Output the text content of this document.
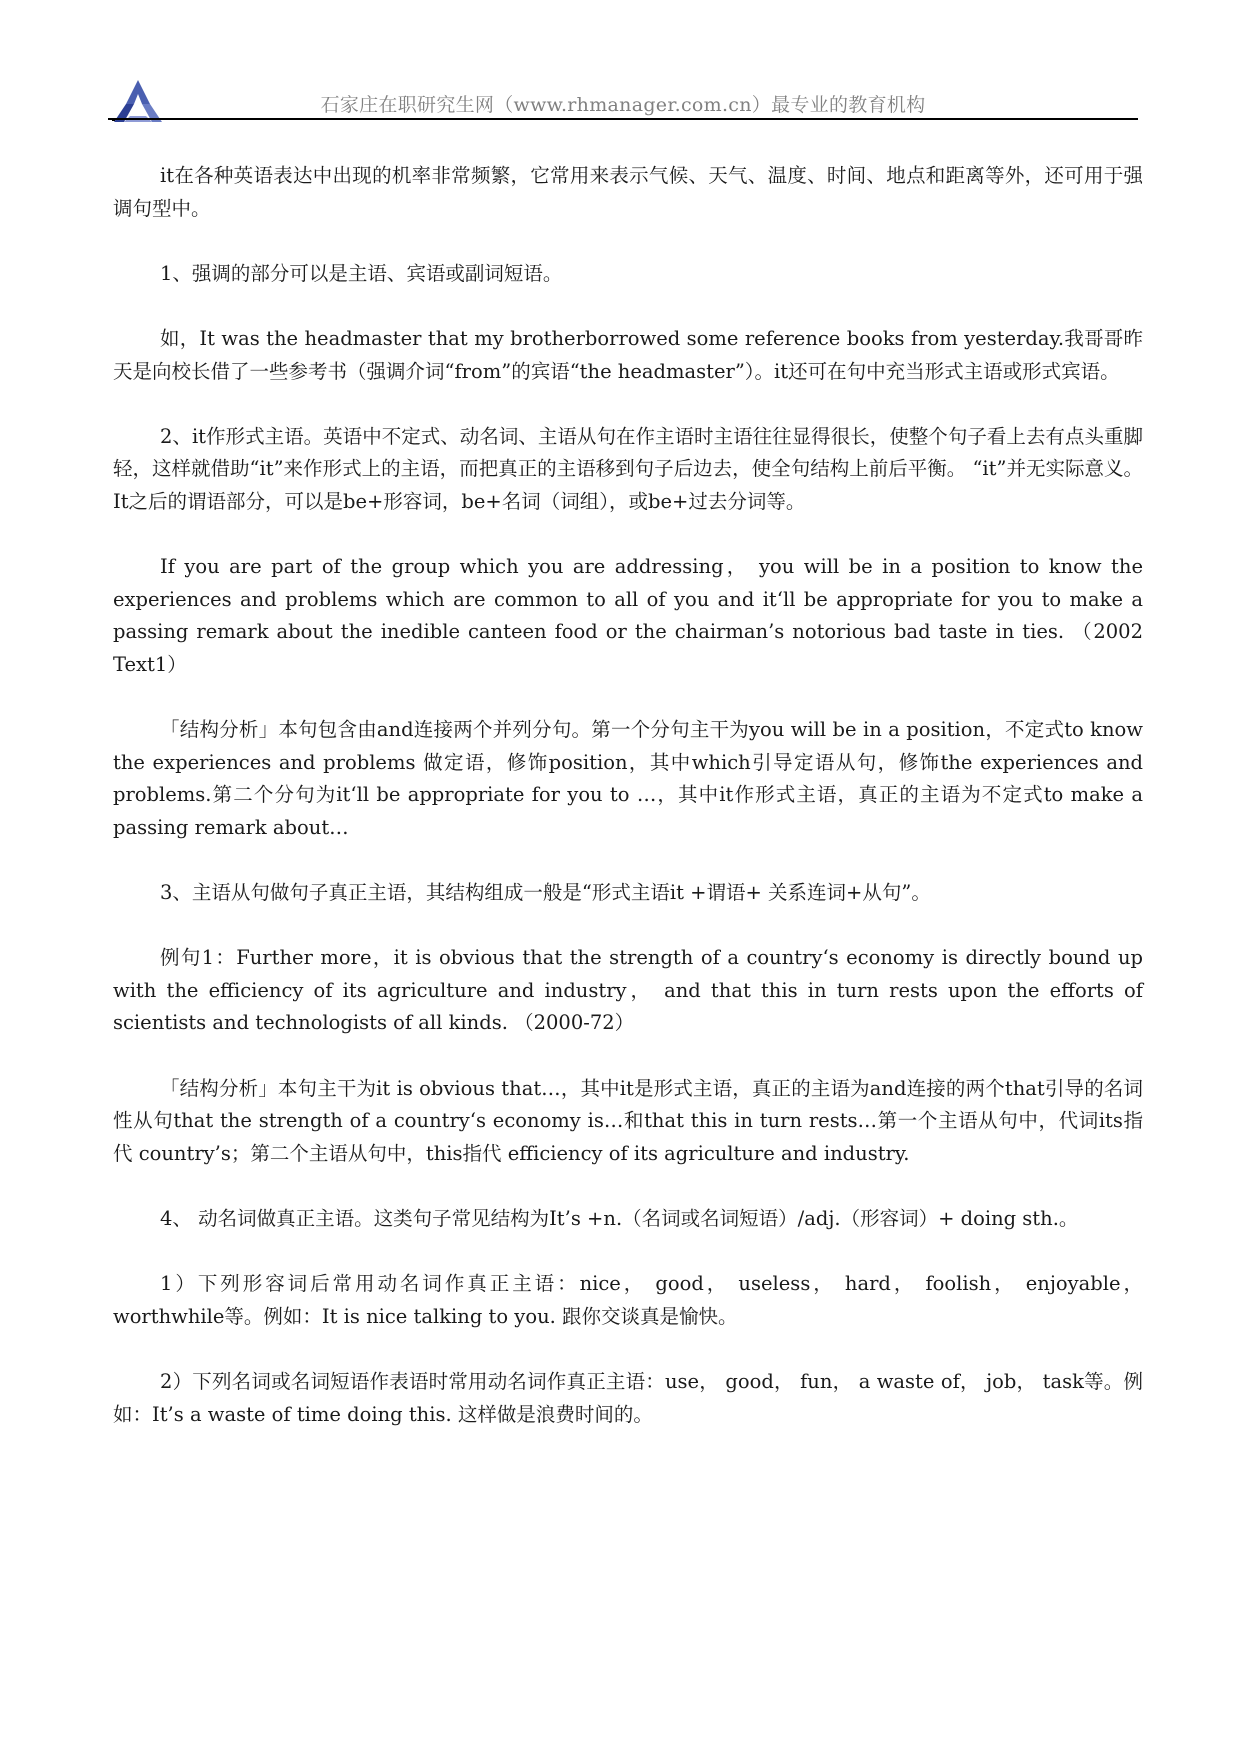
石家庄在职研究生网（www.rhmanager.com.cn）最专业的教育机构

it在各种英语表达中出现的机率非常频繁，它常用来表示气候、天气、温度、时间、地点和距离等外，还可用于强调句型中。

1、强调的部分可以是主语、宾语或副词短语。

如，It was the headmaster that my brotherborrowed some reference books from yesterday.我哥哥昨天是向校长借了一些参考书（强调介词“from”的宾语“the headmaster”）。it还可在句中充当形式主语或形式宾语。

2、it作形式主语。英语中不定式、动名词、主语从句在作主语时主语往往显得很长，使整个句子看上去有点头重脚轻，这样就借助“it”来作形式上的主语，而把真正的主语移到句子后边去，使全句结构上前后平衡。 “it”并无实际意义。It之后的谓语部分，可以是be+形容词，be+名词（词组），或be+过去分词等。

If you are part of the group which you are addressing， you will be in a position to know the experiences and problems which are common to all of you and it‘ll be appropriate for you to make a passing remark about the inedible canteen food or the chairman’s notorious bad taste in ties. （2002 Text1）

「结构分析」本句包含由and连接两个并列分句。第一个分句主干为you will be in a position，不定式to know the experiences and problems 做定语，修饰position，其中which引导定语从句，修饰the experiences and problems.第二个分句为it‘ll be appropriate for you to …，其中it作形式主语，真正的主语为不定式to make a passing remark about…

3、主语从句做句子真正主语，其结构组成一般是“形式主语it +谓语+ 关系连词+从句”。

例句1：Further more，it is obvious that the strength of a country‘s economy is directly bound up with the efficiency of its agriculture and industry， and that this in turn rests upon the efforts of scientists and technologists of all kinds. （2000-72）

「结构分析」本句主干为it is obvious that…，其中it是形式主语，真正的主语为and连接的两个that引导的名词性从句that the strength of a country‘s economy is…和that this in turn rests…第一个主语从句中，代词its指代 country’s；第二个主语从句中，this指代 efficiency of its agriculture and industry.

4、 动名词做真正主语。这类句子常见结构为It’s +n.（名词或名词短语）/adj.（形容词）+ doing sth.。

1）下列形容词后常用动名词作真正主语：nice， good， useless， hard， foolish， enjoyable， worthwhile等。例如：It is nice talking to you. 跟你交谈真是愉快。

2）下列名词或名词短语作表语时常用动名词作真正主语：use， good， fun， a waste of， job， task等。例如：It’s a waste of time doing this. 这样做是浪费时间的。
